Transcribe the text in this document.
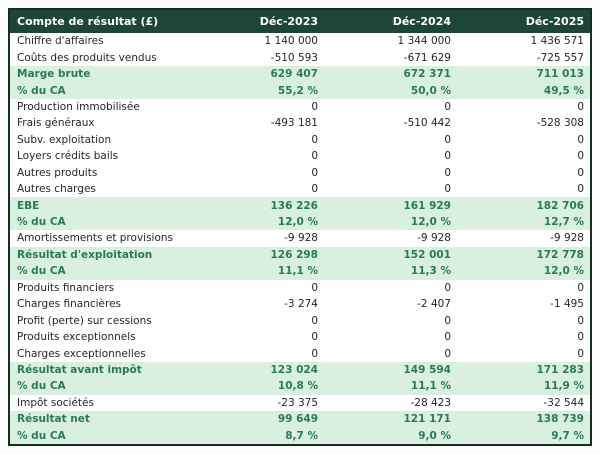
Compte de résultat (£)	Déc-2023	Déc-2024	Déc-2025
Chiffre d'affaires	1 140 000	1 344 000	1 436 571
Coûts des produits vendus	-510 593	-671 629	-725 557
Marge brute	629 407	672 371	711 013
% du CA	55,2 %	50,0 %	49,5 %
Production immobilisée	0	0	0
Frais généraux	-493 181	-510 442	-528 308
Subv. exploitation	0	0	0
Loyers crédits bails	0	0	0
Autres produits	0	0	0
Autres charges	0	0	0
EBE	136 226	161 929	182 706
% du CA	12,0 %	12,0 %	12,7 %
Amortissements et provisions	-9 928	-9 928	-9 928
Résultat d'exploitation	126 298	152 001	172 778
% du CA	11,1 %	11,3 %	12,0 %
Produits financiers	0	0	0
Charges financières	-3 274	-2 407	-1 495
Profit (perte) sur cessions	0	0	0
Produits exceptionnels	0	0	0
Charges exceptionnelles	0	0	0
Résultat avant impôt	123 024	149 594	171 283
% du CA	10,8 %	11,1 %	11,9 %
Impôt sociétés	-23 375	-28 423	-32 544
Résultat net	99 649	121 171	138 739
% du CA	8,7 %	9,0 %	9,7 %
